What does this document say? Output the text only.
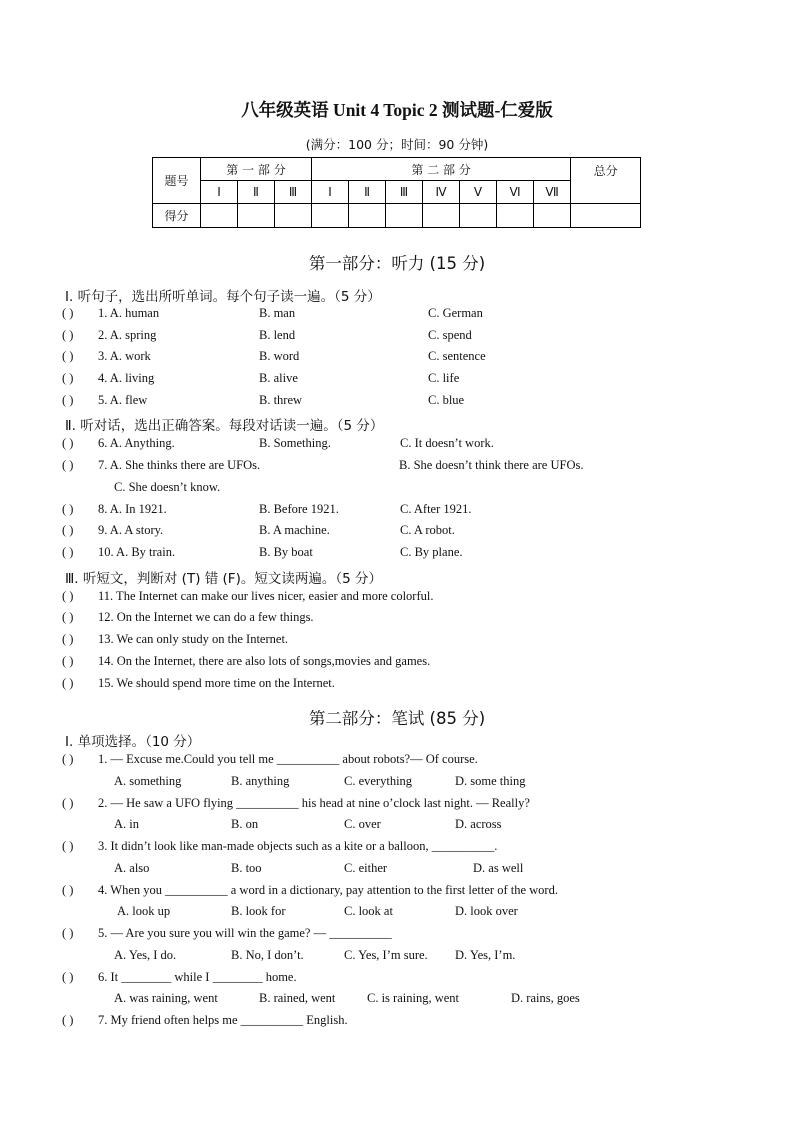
八年级英语 Unit 4 Topic 2 测试题-仁爱版
(满分：100 分；时间：90 分钟)
题号	第 一 部 分			第 二 部 分							总分
	Ⅰ	Ⅱ	Ⅲ	Ⅰ	Ⅱ	Ⅲ	Ⅳ	Ⅴ	Ⅵ	Ⅶ	
得分											
第一部分：听力 (15 分)
Ⅰ. 听句子，选出所听单词。每个句子读一遍。（5 分）
( ) 1. A. human	B. man	C. German
( ) 2. A. spring	B. lend	C. spend
( ) 3. A. work	B. word	C. sentence
( ) 4. A. living	B. alive	C. life
( ) 5. A. flew	B. threw	C. blue
Ⅱ. 听对话，选出正确答案。每段对话读一遍。（5 分）
( ) 6. A. Anything.	B. Something.	C. It doesn’t work.
( ) 7. A. She thinks there are UFOs.	B. She doesn’t think there are UFOs.
C. She doesn’t know.
( ) 8. A. In 1921.	B. Before 1921.	C. After 1921.
( ) 9. A. A story.	B. A machine.	C. A robot.
( ) 10. A. By train.	B. By boat	C. By plane.
Ⅲ. 听短文，判断对 (T) 错 (F)。短文读两遍。（5 分）
( ) 11. The Internet can make our lives nicer, easier and more colorful.
( ) 12. On the Internet we can do a few things.
( ) 13. We can only study on the Internet.
( ) 14. On the Internet, there are also lots of songs,movies and games.
( ) 15. We should spend more time on the Internet.
第二部分：笔试 (85 分)
Ⅰ. 单项选择。（10 分）
( ) 1. — Excuse me.Could you tell me __________ about robots?— Of course.
A. something	B. anything	C. everything	D. some thing
( ) 2. — He saw a UFO flying __________ his head at nine o’clock last night. — Really?
A. in	B. on	C. over	D. across
( ) 3. It didn’t look like man-made objects such as a kite or a balloon, __________.
A. also	B. too	C. either	D. as well
( ) 4. When you __________ a word in a dictionary, pay attention to the first letter of the word.
A. look up	B. look for	C. look at	D. look over
( ) 5. — Are you sure you will win the game? — __________
A. Yes, I do.	B. No, I don’t.	C. Yes, I’m sure. D. Yes, I’m.
( ) 6. It ________ while I ________ home.
A. was raining, went	B. rained, went	C. is raining, went	D. rains, goes
( ) 7. My friend often helps me __________ English.
